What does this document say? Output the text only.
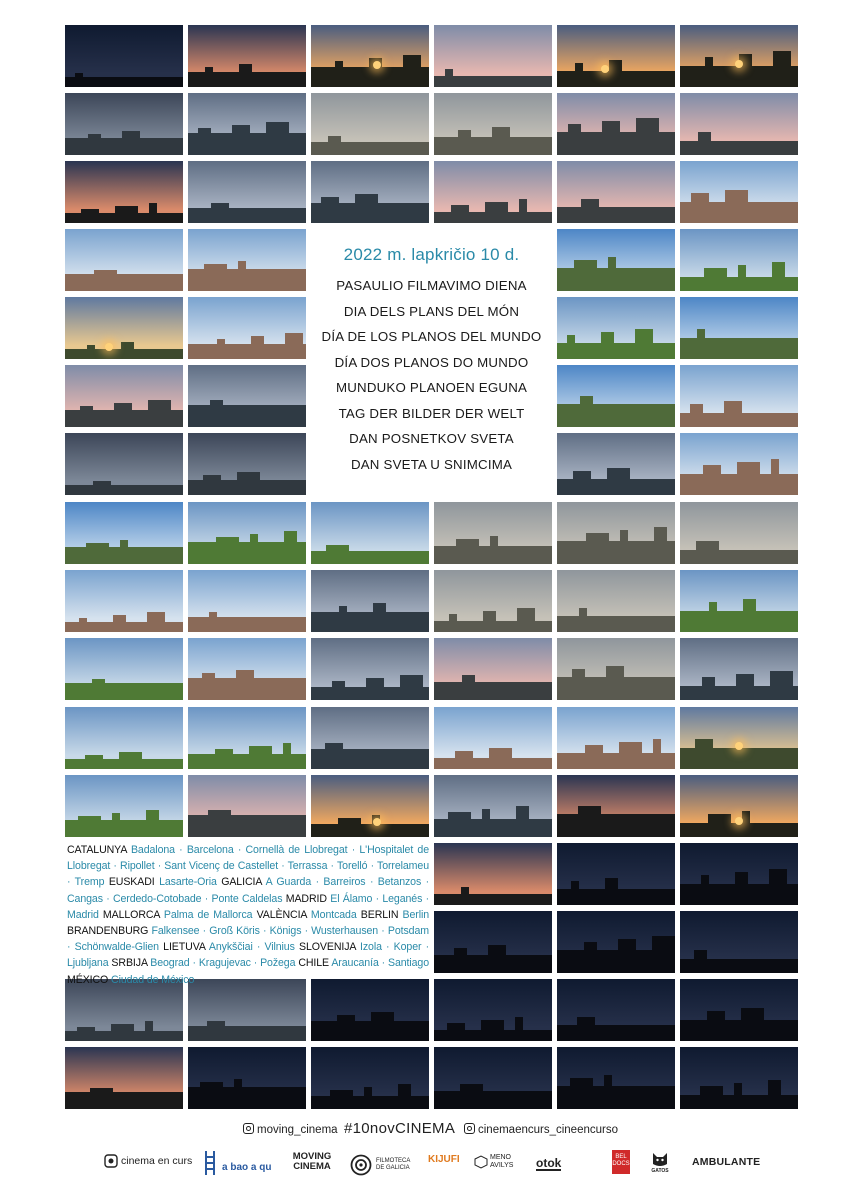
2022 m. lapkričio 10 d.
PASAULIO FILMAVIMO DIENA
DIA DELS PLANS DEL MÓN
DÍA DE LOS PLANOS DEL MUNDO
DÍA DOS PLANOS DO MUNDO
MUNDUKO PLANOEN EGUNA
TAG DER BILDER DER WELT
DAN POSNETKOV SVETA
DAN SVETA U SNIMCIMA
CATALUNYA Badalona · Barcelona · Cornellà de Llobregat · L'Hospitalet de Llobregat · Ripollet · Sant Vicenç de Castellet · Terrassa · Torelló · Torrelameu · Tremp EUSKADI Lasarte-Oria GALICIA A Guarda · Barreiros · Betanzos · Cangas · Cerdedo-Cotobade · Ponte Caldelas MADRID El Álamo · Leganés · Madrid MALLORCA Palma de Mallorca VALÈNCIA Montcada BERLIN Berlin BRANDENBURG Falkensee · Groß Köris · Königs · Wusterhausen · Potsdam · Schönwalde-Glien LIETUVA Anykščiai · Vilnius SLOVENIJA Izola · Koper · Ljubljana SRBIJA Beograd · Kragujevac · Požega CHILE Araucanía · Santiago MÉXICO Ciudad de México
moving_cinema #10novCINEMA	cinemaencurs_cineencurso
cinema en curs	a bao a qu
MOVING CINEMA	FILMOTECA DE GALICIA
KIJUFI	MENO AVILYS	otok	BEL DOCS
GATOS
AMBULANTE
